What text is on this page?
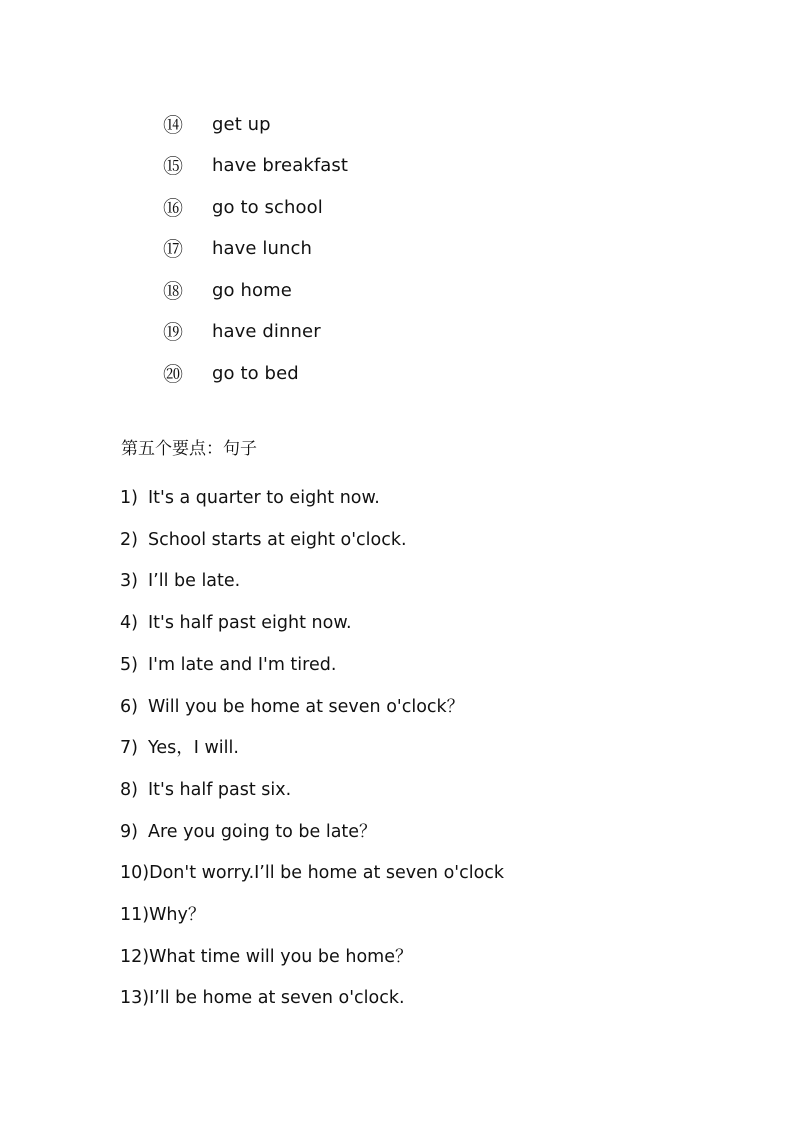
⑭	get up
⑮	have breakfast
⑯	go to school
⑰	have lunch
⑱	go home
⑲	have dinner
⑳	go to bed
第五个要点：句子
1) It's a quarter to eight now.
2) School starts at eight o'clock.
3) I’ll be late.
4) It's half past eight now.
5) I'm late and I'm tired.
6) Will you be home at seven o'clock？
7) Yes，I will.
8) It's half past six.
9) Are you going to be late？
10) Don't worry.I’ll be home at seven o'clock
11) Why？
12) What time will you be home？
13) I’ll be home at seven o'clock.
